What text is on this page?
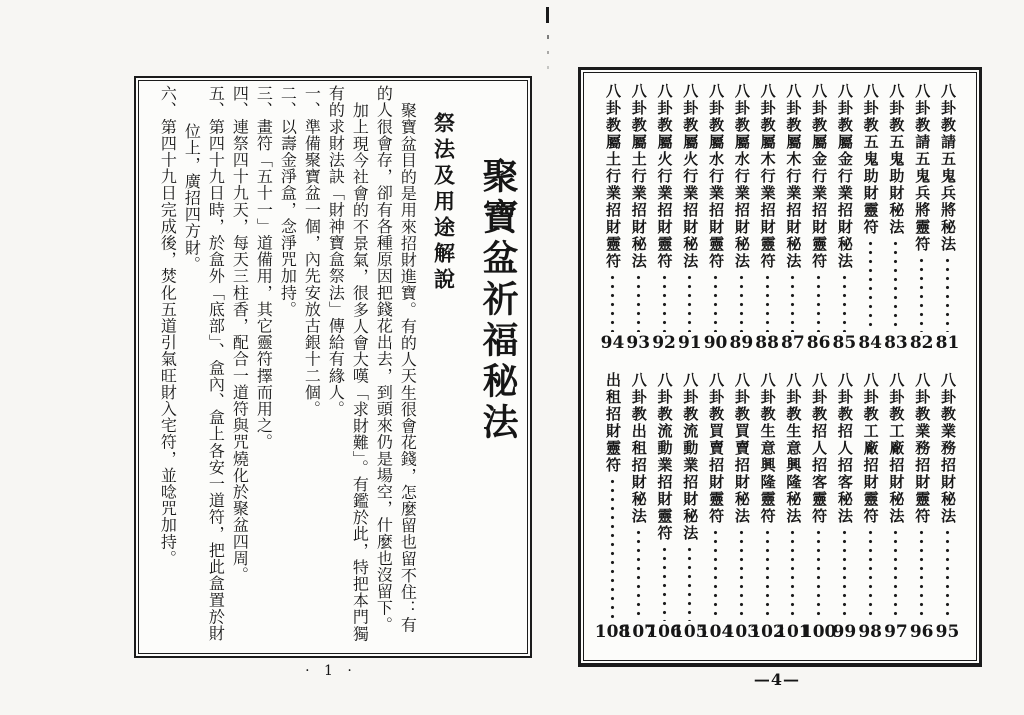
聚寶盆祈福秘法
祭法及用途解說
聚寶盆目的是用來招財進寶。有的人天生很會花錢，怎麼留也留不住：有的人很會存，卻有各種原因把錢花出去，到頭來仍是場空，什麼也沒留下。
加上現今社會的不景氣，很多人會大嘆「求財難」。有鑑於此，特把本門獨有的求財法訣「財神寶盒祭法」傳給有緣人。
一、準備聚寶盆一個，內先安放古銀十二個。
二、以壽金淨盒，念淨咒加持。
三、畫符「五十一」道備用，其它靈符擇而用之。
四、連祭四十九天，每天三柱香，配合一道符與咒燒化於聚盆四周。
五、第四十九日時，於盒外「底部」、盒內、盒上各安一道符，把此盒置於財位上，廣招四方財。
六、第四十九日完成後，焚化五道引氣旺財入宅符，並唸咒加持。	八卦教請五鬼兵將秘法
81
八卦教請五鬼兵將靈符
82
八卦教五鬼助財秘法
83
八卦教五鬼助財靈符
84
八卦教屬金行業招財秘法
85
八卦教屬金行業招財靈符
86
八卦教屬木行業招財秘法
87
八卦教屬木行業招財靈符
88
八卦教屬水行業招財秘法
89
八卦教屬水行業招財靈符
90
八卦教屬火行業招財秘法
91
八卦教屬火行業招財靈符
92
八卦教屬土行業招財秘法
93
八卦教屬土行業招財靈符
94
八卦教業務招財秘法
95
八卦教業務招財靈符
96
八卦教工廠招財秘法
97
八卦教工廠招財靈符
98
八卦教招人招客秘法
99
八卦教招人招客靈符
100
八卦教生意興隆秘法
101
八卦教生意興隆靈符
102
八卦教買賣招財秘法
103
八卦教買賣招財靈符
104
八卦教流動業招財秘法
105
八卦教流動業招財靈符
106
八卦教出租招財秘法
107
出租招財靈符
108
· 1 ·	—4—
